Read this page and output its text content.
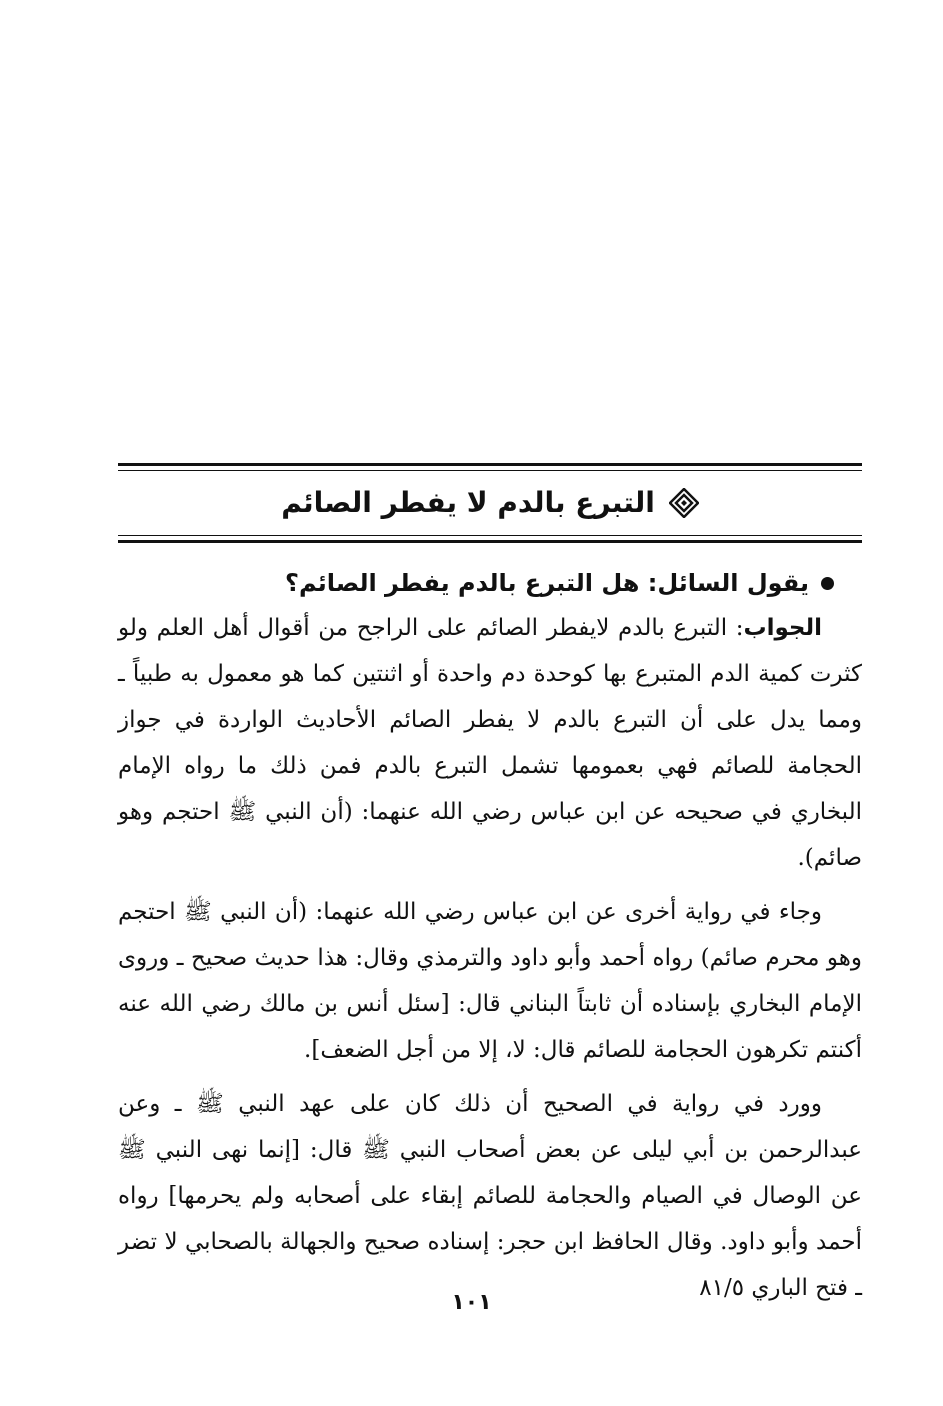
التبرع بالدم لا يفطر الصائم
يقول السائل: هل التبرع بالدم يفطر الصائم؟

الجواب: التبرع بالدم لايفطر الصائم على الراجح من أقوال أهل العلم ولو كثرت كمية الدم المتبرع بها كوحدة دم واحدة أو اثنتين كما هو معمول به طبياً ـ ومما يدل على أن التبرع بالدم لا يفطر الصائم الأحاديث الواردة في جواز الحجامة للصائم فهي بعمومها تشمل التبرع بالدم فمن ذلك ما رواه الإمام البخاري في صحيحه عن ابن عباس رضي الله عنهما: (أن النبي ﷺ احتجم وهو صائم).

وجاء في رواية أخرى عن ابن عباس رضي الله عنهما: (أن النبي ﷺ احتجم وهو محرم صائم) رواه أحمد وأبو داود والترمذي وقال: هذا حديث صحيح ـ وروى الإمام البخاري بإسناده أن ثابتاً البناني قال: [سئل أنس بن مالك رضي الله عنه أكنتم تكرهون الحجامة للصائم قال: لا، إلا من أجل الضعف].

وورد في رواية في الصحيح أن ذلك كان على عهد النبي ﷺ ـ وعن عبدالرحمن بن أبي ليلى عن بعض أصحاب النبي ﷺ قال: [إنما نهى النبي ﷺ عن الوصال في الصيام والحجامة للصائم إبقاء على أصحابه ولم يحرمها] رواه أحمد وأبو داود. وقال الحافظ ابن حجر: إسناده صحيح والجهالة بالصحابي لا تضر ـ فتح الباري ٨١/٥

١٠١
